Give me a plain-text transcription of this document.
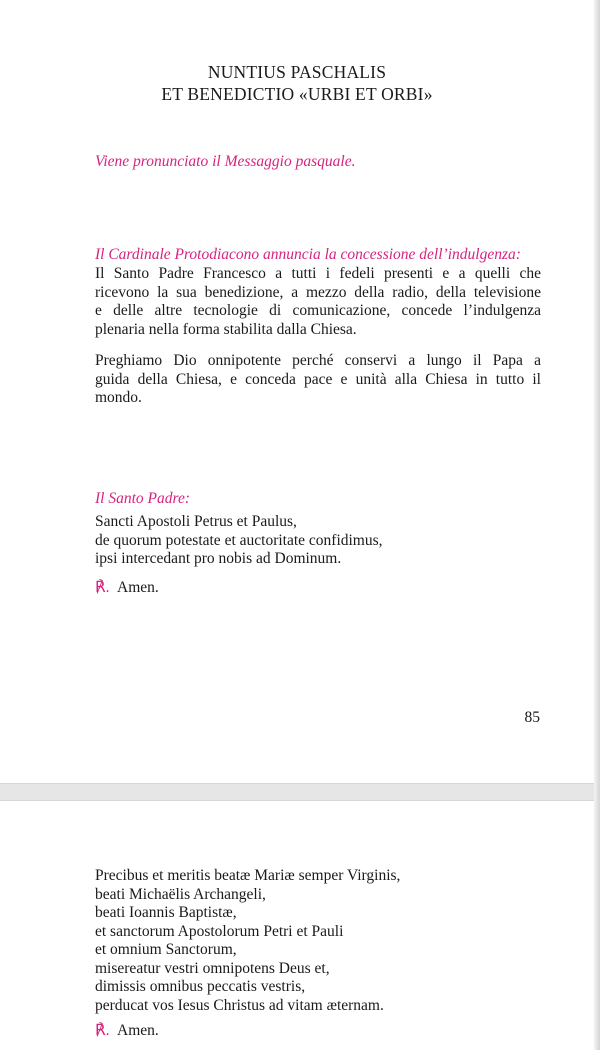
NUNTIUS PASCHALIS
ET BENEDICTIO «URBI ET ORBI»
Viene pronunciato il Messaggio pasquale.
Il Cardinale Protodiacono annuncia la concessione dell’indulgenza:
Il Santo Padre Francesco a tutti i fedeli presenti e a quelli che
ricevono la sua benedizione, a mezzo della radio, della televisione
e delle altre tecnologie di comunicazione, concede l’indulgenza
plenaria nella forma stabilita dalla Chiesa.
Preghiamo Dio onnipotente perché conservi a lungo il Papa a
guida della Chiesa, e conceda pace e unità alla Chiesa in tutto il
mondo.
Il Santo Padre:
Sancti Apostoli Petrus et Paulus,
de quorum potestate et auctoritate confidimus,
ipsi intercedant pro nobis ad Dominum.
℟. Amen.
85
Precibus et meritis beatæ Mariæ semper Virginis,
beati Michaëlis Archangeli,
beati Ioannis Baptistæ,
et sanctorum Apostolorum Petri et Pauli
et omnium Sanctorum,
misereatur vestri omnipotens Deus et,
dimissis omnibus peccatis vestris,
perducat vos Iesus Christus ad vitam æternam.
℟. Amen.
